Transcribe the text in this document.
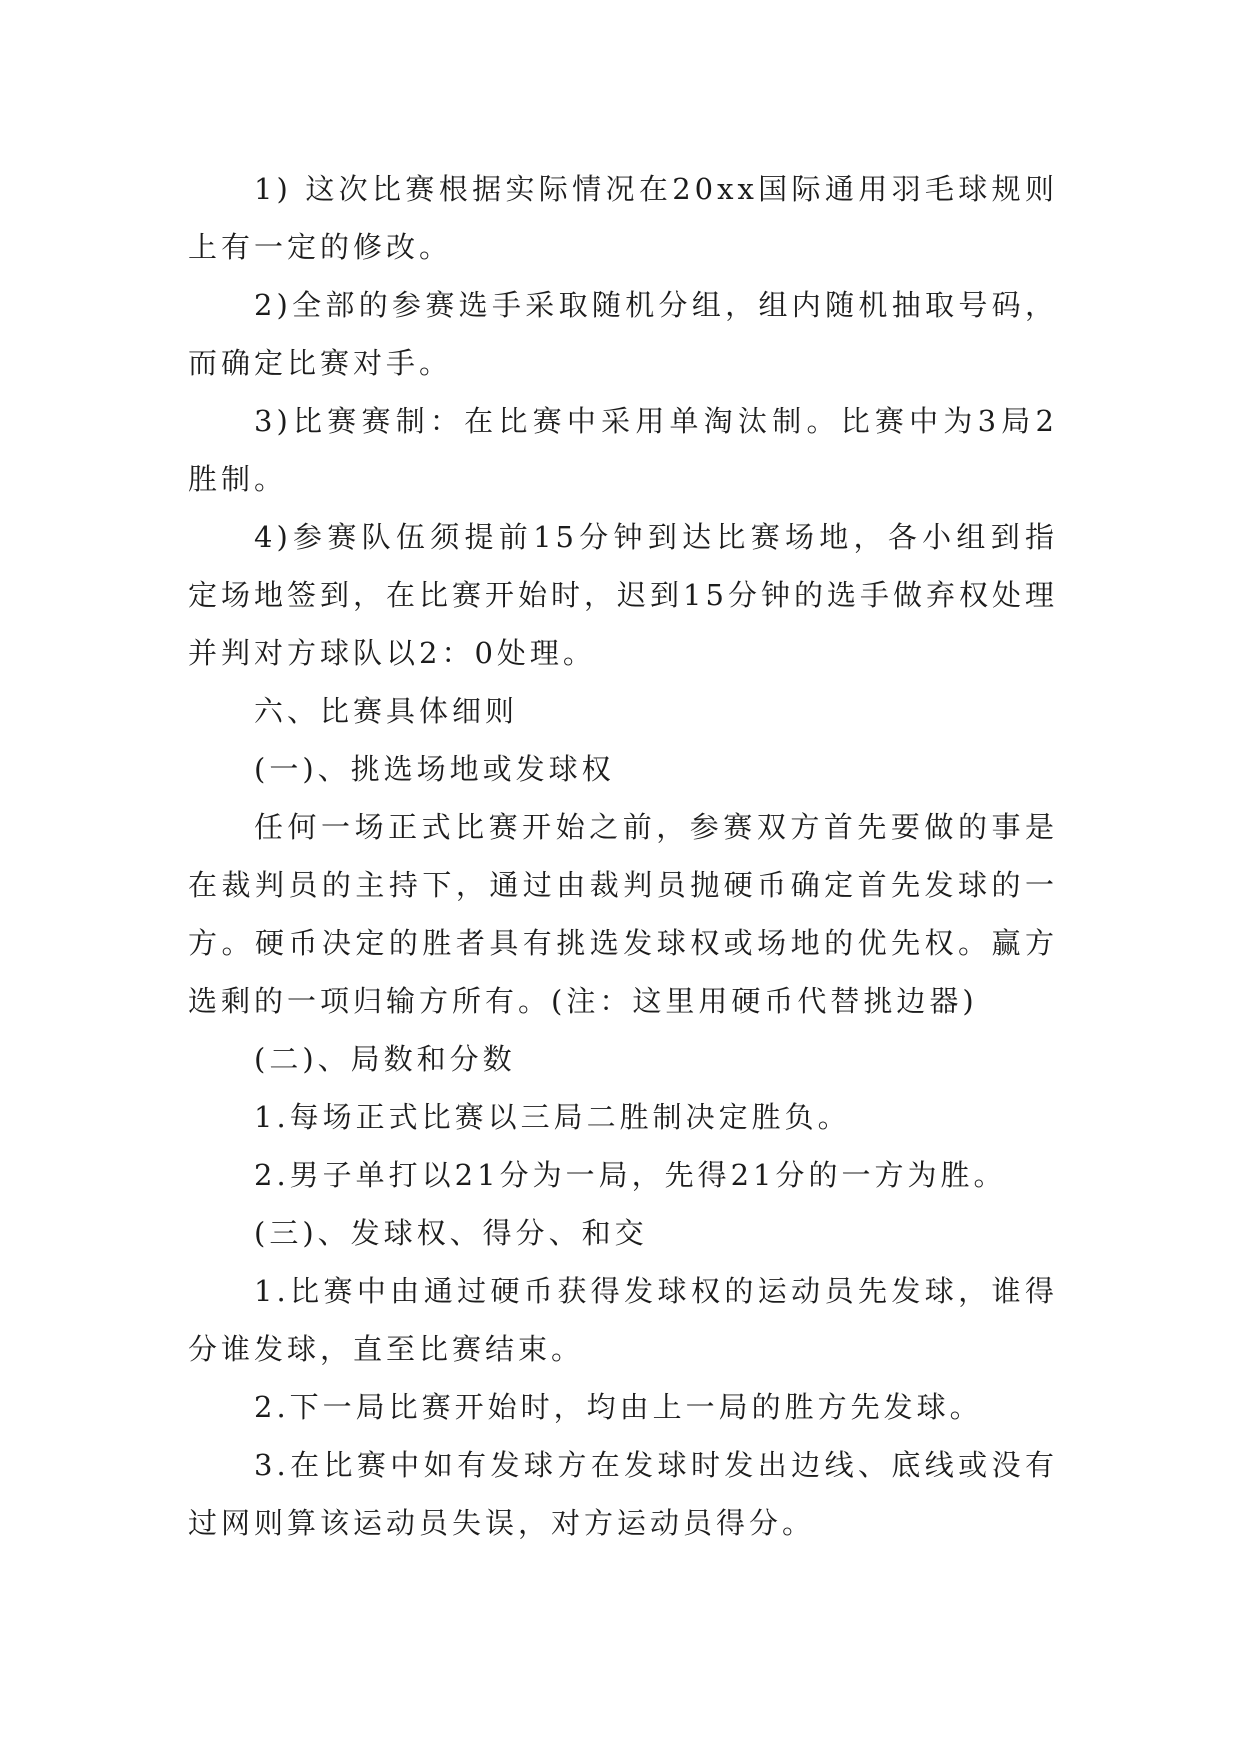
1) 这次比赛根据实际情况在20xx国际通用羽毛球规则上有一定的修改。

2)全部的参赛选手采取随机分组，组内随机抽取号码，而确定比赛对手。

3)比赛赛制：在比赛中采用单淘汰制。比赛中为3局2胜制。

4)参赛队伍须提前15分钟到达比赛场地，各小组到指定场地签到，在比赛开始时，迟到15分钟的选手做弃权处理并判对方球队以2：0处理。

六、比赛具体细则

(一)、挑选场地或发球权

任何一场正式比赛开始之前，参赛双方首先要做的事是在裁判员的主持下，通过由裁判员抛硬币确定首先发球的一方。硬币决定的胜者具有挑选发球权或场地的优先权。赢方选剩的一项归输方所有。(注：这里用硬币代替挑边器)

(二)、局数和分数

1.每场正式比赛以三局二胜制决定胜负。

2.男子单打以21分为一局，先得21分的一方为胜。

(三)、发球权、得分、和交

1.比赛中由通过硬币获得发球权的运动员先发球，谁得分谁发球，直至比赛结束。

2.下一局比赛开始时，均由上一局的胜方先发球。

3.在比赛中如有发球方在发球时发出边线、底线或没有过网则算该运动员失误，对方运动员得分。
